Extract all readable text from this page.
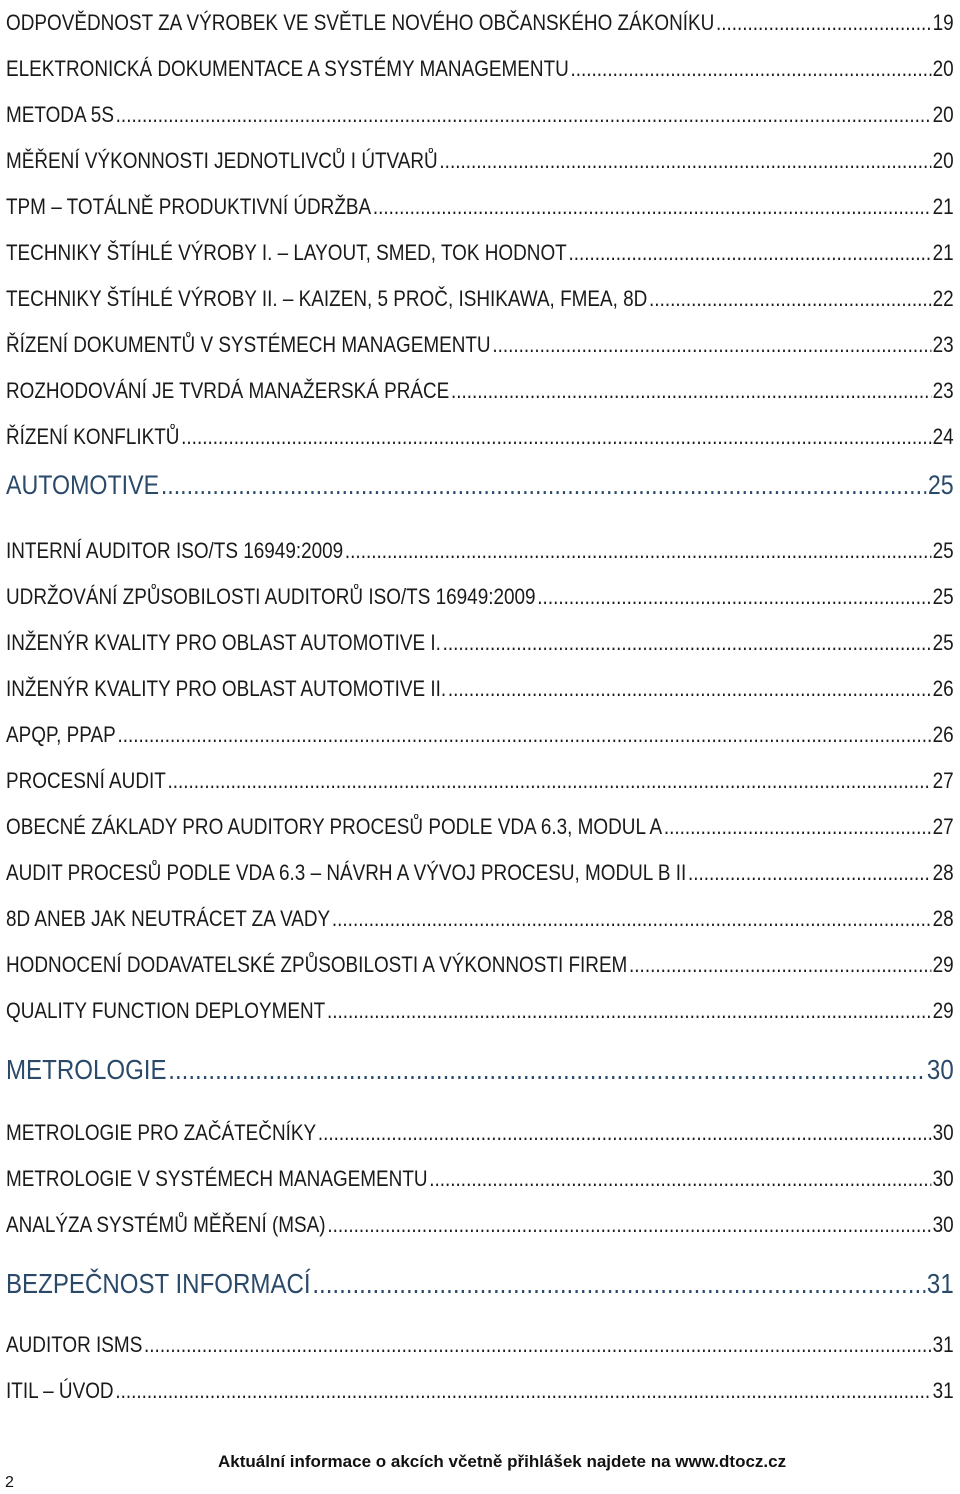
ODPOVĚDNOST ZA VÝROBEK VE SVĚTLE NOVÉHO OBČANSKÉHO ZÁKONÍKU .....	19
ELEKTRONICKÁ DOKUMENTACE A SYSTÉMY MANAGEMENTU .....	20
METODA 5S .....	20
MĚŘENÍ VÝKONNOSTI JEDNOTLIVCŮ I ÚTVARŮ .....	20
TPM – TOTÁLNĚ PRODUKTIVNÍ ÚDRŽBA .....	21
TECHNIKY ŠTÍHLÉ VÝROBY I. – LAYOUT, SMED, TOK HODNOT .....	21
TECHNIKY ŠTÍHLÉ VÝROBY II. – KAIZEN, 5 PROČ, ISHIKAWA, FMEA, 8D .....	22
ŘÍZENÍ DOKUMENTŮ V SYSTÉMECH MANAGEMENTU .....	23
ROZHODOVÁNÍ JE TVRDÁ MANAŽERSKÁ PRÁCE .....	23
ŘÍZENÍ KONFLIKTŮ .....	24
AUTOMOTIVE .....	25
INTERNÍ AUDITOR ISO/TS 16949:2009 .....	25
UDRŽOVÁNÍ ZPŮSOBILOSTI AUDITORŮ ISO/TS 16949:2009 .....	25
INŽENÝR KVALITY PRO OBLAST AUTOMOTIVE I. .....	25
INŽENÝR KVALITY PRO OBLAST AUTOMOTIVE II. .....	26
APQP, PPAP .....	26
PROCESNÍ AUDIT .....	27
OBECNÉ ZÁKLADY PRO AUDITORY PROCESŮ PODLE VDA 6.3, MODUL A .....	27
AUDIT PROCESŮ PODLE VDA 6.3 – NÁVRH A VÝVOJ PROCESU, MODUL B II .....	28
8D ANEB JAK NEUTRÁCET ZA VADY .....	28
HODNOCENÍ DODAVATELSKÉ ZPŮSOBILOSTI A VÝKONNOSTI FIREM .....	29
QUALITY FUNCTION DEPLOYMENT .....	29
METROLOGIE .....	30
METROLOGIE PRO ZAČÁTEČNÍKY .....	30
METROLOGIE V SYSTÉMECH MANAGEMENTU .....	30
ANALÝZA SYSTÉMŮ MĚŘENÍ (MSA) .....	30
BEZPEČNOST INFORMACÍ .....	31
AUDITOR ISMS .....	31
ITIL – ÚVOD .....	31
Aktuální informace o akcích včetně přihlášek najdete na www.dtocz.cz
2
